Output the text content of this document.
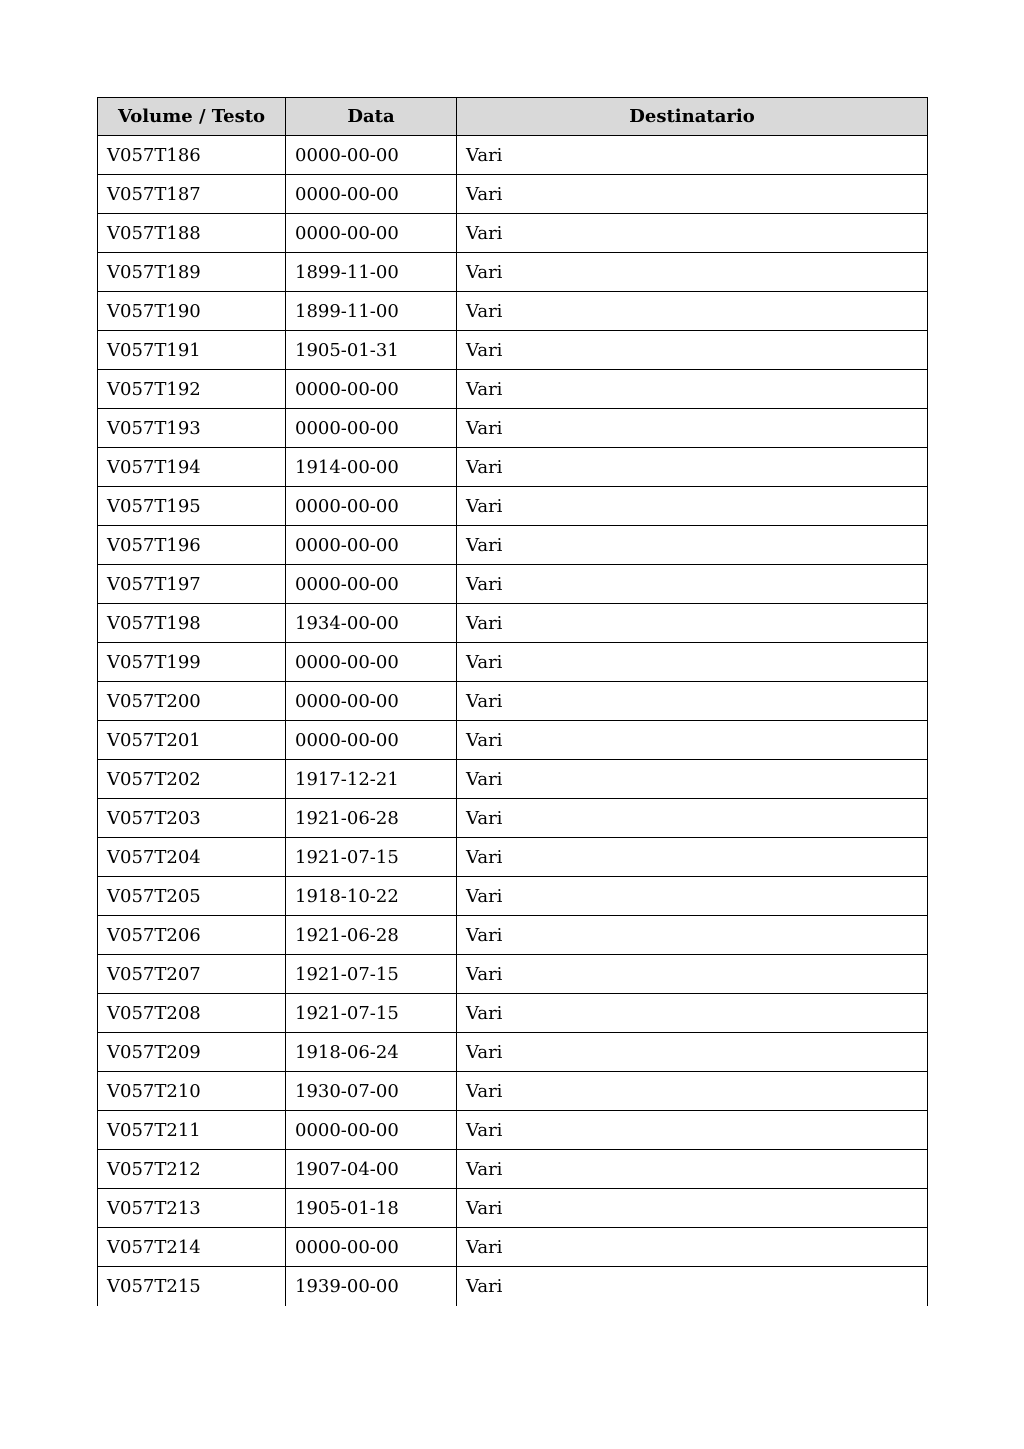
Volume / Testo	Data	Destinatario
V057T186	0000-00-00	Vari
V057T187	0000-00-00	Vari
V057T188	0000-00-00	Vari
V057T189	1899-11-00	Vari
V057T190	1899-11-00	Vari
V057T191	1905-01-31	Vari
V057T192	0000-00-00	Vari
V057T193	0000-00-00	Vari
V057T194	1914-00-00	Vari
V057T195	0000-00-00	Vari
V057T196	0000-00-00	Vari
V057T197	0000-00-00	Vari
V057T198	1934-00-00	Vari
V057T199	0000-00-00	Vari
V057T200	0000-00-00	Vari
V057T201	0000-00-00	Vari
V057T202	1917-12-21	Vari
V057T203	1921-06-28	Vari
V057T204	1921-07-15	Vari
V057T205	1918-10-22	Vari
V057T206	1921-06-28	Vari
V057T207	1921-07-15	Vari
V057T208	1921-07-15	Vari
V057T209	1918-06-24	Vari
V057T210	1930-07-00	Vari
V057T211	0000-00-00	Vari
V057T212	1907-04-00	Vari
V057T213	1905-01-18	Vari
V057T214	0000-00-00	Vari
V057T215	1939-00-00	Vari
